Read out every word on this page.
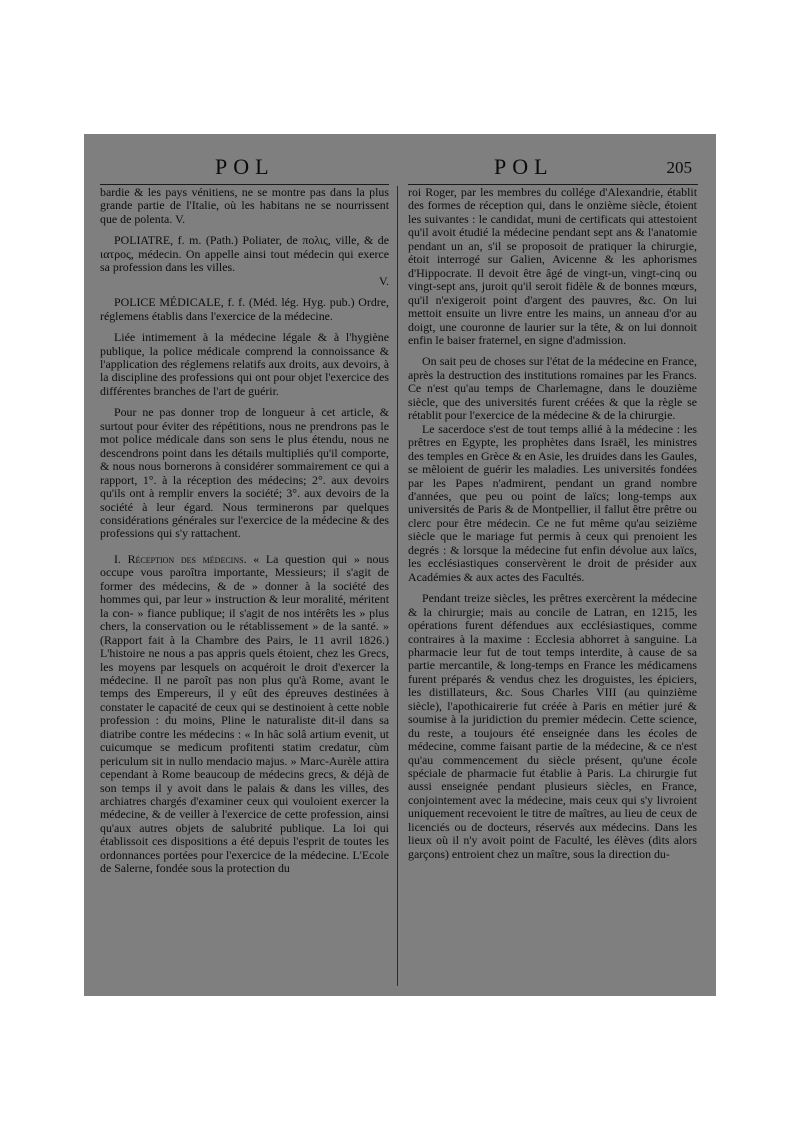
POL	POL	205

bardie & les pays vénitiens, ne se montre pas dans la plus grande partie de l'Italie, où les habitans ne se nourrissent que de polenta. V.

POLIATRE, f. m. (Path.) Poliater, de πολις, ville, & de ιατρος, médecin. On appelle ainsi tout médecin qui exerce sa profession dans les villes.

V.

POLICE MÉDICALE, f. f. (Méd. lég. Hyg. pub.) Ordre, réglemens établis dans l'exercice de la médecine.

Liée intimement à la médecine légale & à l'hygiène publique, la police médicale comprend la connoissance & l'application des réglemens relatifs aux droits, aux devoirs, à la discipline des professions qui ont pour objet l'exercice des différentes branches de l'art de guérir.

Pour ne pas donner trop de longueur à cet article, & surtout pour éviter des répétitions, nous ne prendrons pas le mot police médicale dans son sens le plus étendu, nous ne descendrons point dans les détails multipliés qu'il comporte, & nous nous bornerons à considérer sommairement ce qui a rapport, 1°. à la réception des médecins; 2°. aux devoirs qu'ils ont à remplir envers la société; 3°. aux devoirs de la société à leur égard. Nous terminerons par quelques considérations générales sur l'exercice de la médecine & des professions qui s'y rattachent.

I. Réception des médecins. « La question qui » nous occupe vous paroîtra importante, Messieurs; il s'agit de former des médecins, & de » donner à la société des hommes qui, par leur » instruction & leur moralité, méritent la con- » fiance publique; il s'agit de nos intérêts les » plus chers, la conservation ou le rétablissement » de la santé. » (Rapport fait à la Chambre des Pairs, le 11 avril 1826.) L'histoire ne nous a pas appris quels étoient, chez les Grecs, les moyens par lesquels on acquéroit le droit d'exercer la médecine. Il ne paroît pas non plus qu'à Rome, avant le temps des Empereurs, il y eût des épreuves destinées à constater le capacité de ceux qui se destinoient à cette noble profession : du moins, Pline le naturaliste dit-il dans sa diatribe contre les médecins : « In hâc solâ artium evenit, ut cuicumque se medicum profitenti statim credatur, cùm periculum sit in nullo mendacio majus. » Marc-Aurèle attira cependant à Rome beaucoup de médecins grecs, & déjà de son temps il y avoit dans le palais & dans les villes, des archiatres chargés d'examiner ceux qui vouloient exercer la médecine, & de veiller à l'exercice de cette profession, ainsi qu'aux autres objets de salubrité publique. La loi qui établissoit ces dispositions a été depuis l'esprit de toutes les ordonnances portées pour l'exercice de la médecine. L'Ecole de Salerne, fondée sous la protection du

roi Roger, par les membres du collége d'Alexandrie, établit des formes de réception qui, dans le onzième siècle, étoient les suivantes : le candidat, muni de certificats qui attestoient qu'il avoit étudié la médecine pendant sept ans & l'anatomie pendant un an, s'il se proposoit de pratiquer la chirurgie, étoit interrogé sur Galien, Avicenne & les aphorismes d'Hippocrate. Il devoit être âgé de vingt-un, vingt-cinq ou vingt-sept ans, juroit qu'il seroit fidèle & de bonnes mœurs, qu'il n'exigeroit point d'argent des pauvres, &c. On lui mettoit ensuite un livre entre les mains, un anneau d'or au doigt, une couronne de laurier sur la tête, & on lui donnoit enfin le baiser fraternel, en signe d'admission.

On sait peu de choses sur l'état de la médecine en France, après la destruction des institutions romaines par les Francs. Ce n'est qu'au temps de Charlemagne, dans le douzième siècle, que des universités furent créées & que la règle se rétablit pour l'exercice de la médecine & de la chirurgie.

Le sacerdoce s'est de tout temps allié à la médecine : les prêtres en Egypte, les prophètes dans Israël, les ministres des temples en Grèce & en Asie, les druides dans les Gaules, se mêloient de guérir les maladies. Les universités fondées par les Papes n'admirent, pendant un grand nombre d'années, que peu ou point de laïcs; long-temps aux universités de Paris & de Montpellier, il fallut être prêtre ou clerc pour être médecin. Ce ne fut même qu'au seizième siècle que le mariage fut permis à ceux qui prenoient les degrés : & lorsque la médecine fut enfin dévolue aux laïcs, les ecclésiastiques conservèrent le droit de présider aux Académies & aux actes des Facultés.

Pendant treize siècles, les prêtres exercèrent la médecine & la chirurgie; mais au concile de Latran, en 1215, les opérations furent défendues aux ecclésiastiques, comme contraires à la maxime : Ecclesia abhorret à sanguine. La pharmacie leur fut de tout temps interdite, à cause de sa partie mercantile, & long-temps en France les médicamens furent préparés & vendus chez les droguistes, les épiciers, les distillateurs, &c. Sous Charles VIII (au quinzième siècle), l'apothicairerie fut créée à Paris en métier juré & soumise à la juridiction du premier médecin. Cette science, du reste, a toujours été enseignée dans les écoles de médecine, comme faisant partie de la médecine, & ce n'est qu'au commencement du siècle présent, qu'une école spéciale de pharmacie fut établie à Paris. La chirurgie fut aussi enseignée pendant plusieurs siècles, en France, conjointement avec la médecine, mais ceux qui s'y livroient uniquement recevoient le titre de maîtres, au lieu de ceux de licenciés ou de docteurs, réservés aux médecins. Dans les lieux où il n'y avoit point de Faculté, les élèves (dits alors garçons) entroient chez un maître, sous la direction du-
